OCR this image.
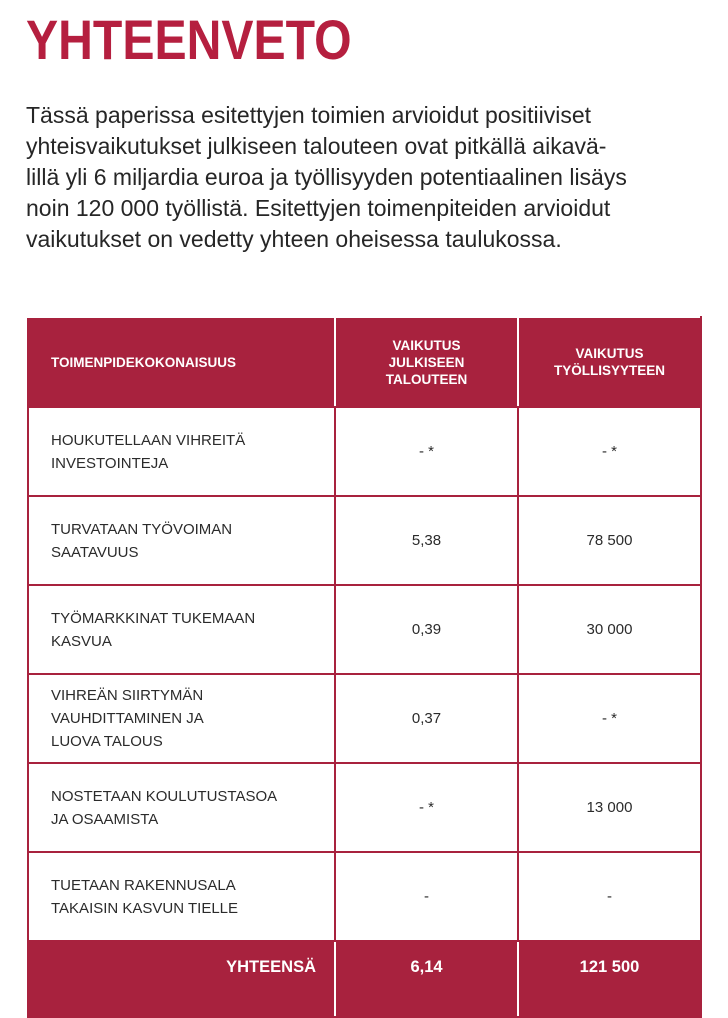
YHTEENVETO
Tässä paperissa esitettyjen toimien arvioidut positiiviset
yhteisvaikutukset julkiseen talouteen ovat pitkällä aikavä-
lillä yli 6 miljardia euroa ja työllisyyden potentiaalinen lisäys
noin 120 000 työllistä. Esitettyjen toimenpiteiden arvioidut
vaikutukset on vedetty yhteen oheisessa taulukossa.
TOIMENPIDEKOKONAISUUS	VAIKUTUS
JULKISEEN
TALOUTEEN	VAIKUTUS
TYÖLLISYYTEEN

HOUKUTELLAAN VIHREITÄ
INVESTOINTEJA	- *	- *

TURVATAAN TYÖVOIMAN
SAATAVUUS	5,38	78 500

TYÖMARKKINAT TUKEMAAN
KASVUA	0,39	30 000

VIHREÄN SIIRTYMÄN
VAUHDITTAMINEN JA
LUOVA TALOUS	0,37	- *

NOSTETAAN KOULUTUSTASOA
JA OSAAMISTA	- *	13 000

TUETAAN RAKENNUSALA
TAKAISIN KASVUN TIELLE	-	-
YHTEENSÄ	6,14	121 500
